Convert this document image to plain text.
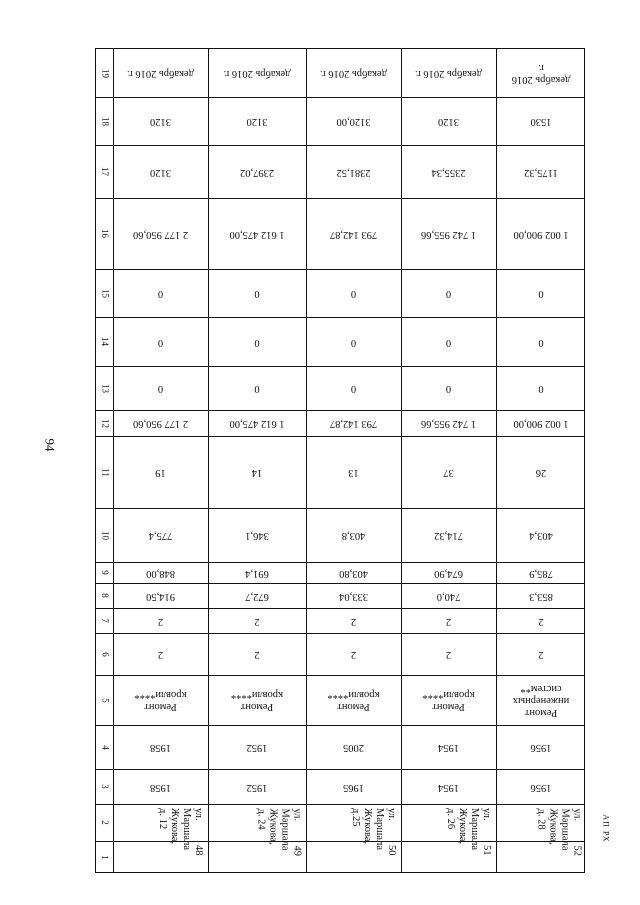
94
АП РХ
19
18
17
16
15
14
13
12
11
10
9
8
7
6
5
4
3
2
1
декабрь 2016 г.
3120
3120
2 177 950,60
0
0
0
2 177 950,60
19
775,4
848,00
914,50
2
2
Ремонт кровли****
1958
1958
ул. Маршала Жукова, д. 12
48
декабрь 2016 г.
3120
2397,02
1 612 475,00
0
0
0
1 612 475,00
14
346,1
691,4
672,7
2
2
Ремонт кровли****
1952
1952
ул. Маршала Жукова, д. 24
49
декабрь 2016 г.
3120,00
2381,52
793 142,87
0
0
0
793 142,87
13
403,8
403,80
333,04
2
2
Ремонт кровли****
2005
1965
ул. Маршала Жукова, д.25
50
декабрь 2016 г.
3120
2355,34
1 742 955,66
0
0
0
1 742 955,66
37
714,32
674,90
740,0
2
2
Ремонт кровли****
1954
1954
ул. Маршала Жукова, д. 26
51
декабрь 2016 г.
1530
1175,32
1 002 900,00
0
0
0
1 002 900,00
26
403,4
785,9
853,3
2
2
Ремонт инженерных систем**
1956
1956
ул. Маршала Жукова, д. 28
52
